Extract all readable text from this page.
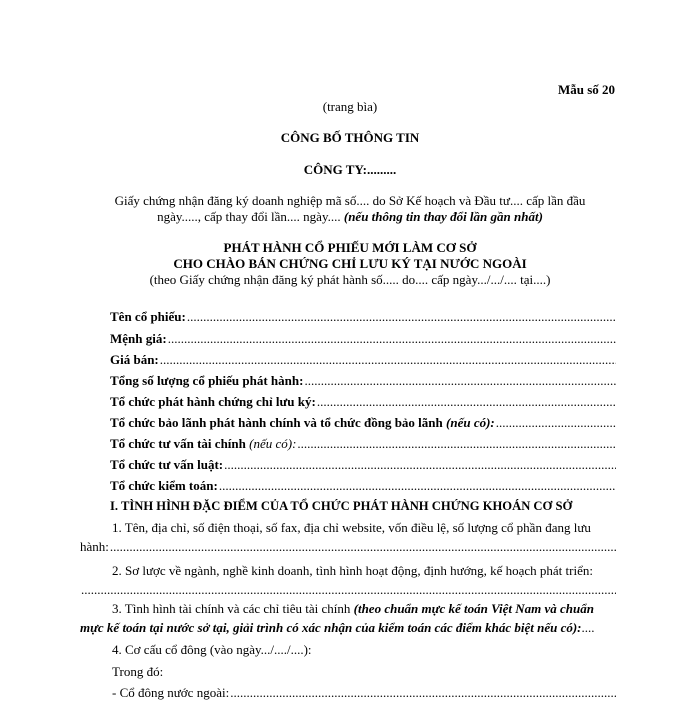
Mẫu số 20
(trang bìa)
CÔNG BỐ THÔNG TIN
CÔNG TY:.........
Giấy chứng nhận đăng ký doanh nghiệp mã số.... do Sở Kế hoạch và Đầu tư.... cấp lần đầu
ngày....., cấp thay đổi lần.... ngày.... (nếu thông tin thay đổi lần gần nhất)
PHÁT HÀNH CỔ PHIẾU MỚI LÀM CƠ SỞ
CHO CHÀO BÁN CHỨNG CHỈ LƯU KÝ TẠI NƯỚC NGOÀI
(theo Giấy chứng nhận đăng ký phát hành số..... do.... cấp ngày.../.../.... tại....)
Tên cổ phiếu:
.....
Mệnh giá:
.....
Giá bán:
.....
Tổng số lượng cổ phiếu phát hành:
.....
Tổ chức phát hành chứng chỉ lưu ký:
.....
Tổ chức bảo lãnh phát hành chính và tổ chức đồng bảo lãnh
(nếu có):
.....
Tổ chức tư vấn tài chính
(nếu có):
.....
Tổ chức tư vấn luật:
.....
Tổ chức kiểm toán:
.....
I. TÌNH HÌNH ĐẶC ĐIỂM CỦA TỔ CHỨC PHÁT HÀNH CHỨNG KHOÁN CƠ SỞ
1. Tên, địa chỉ, số điện thoại, số fax, địa chỉ website, vốn điều lệ, số lượng cổ phần đang lưu
hành:
.....
2. Sơ lược về ngành, nghề kinh doanh, tình hình hoạt động, định hướng, kế hoạch phát triển:
.....
3. Tình hình tài chính và các chỉ tiêu tài chính (theo chuẩn mực kế toán Việt Nam và chuẩn
mực kế toán tại nước sở tại, giải trình có xác nhận của kiểm toán các điểm khác biệt nếu có):....
4. Cơ cấu cổ đông (vào ngày.../..../....):
Trong đó:
- Cổ đông nước ngoài:
.....
